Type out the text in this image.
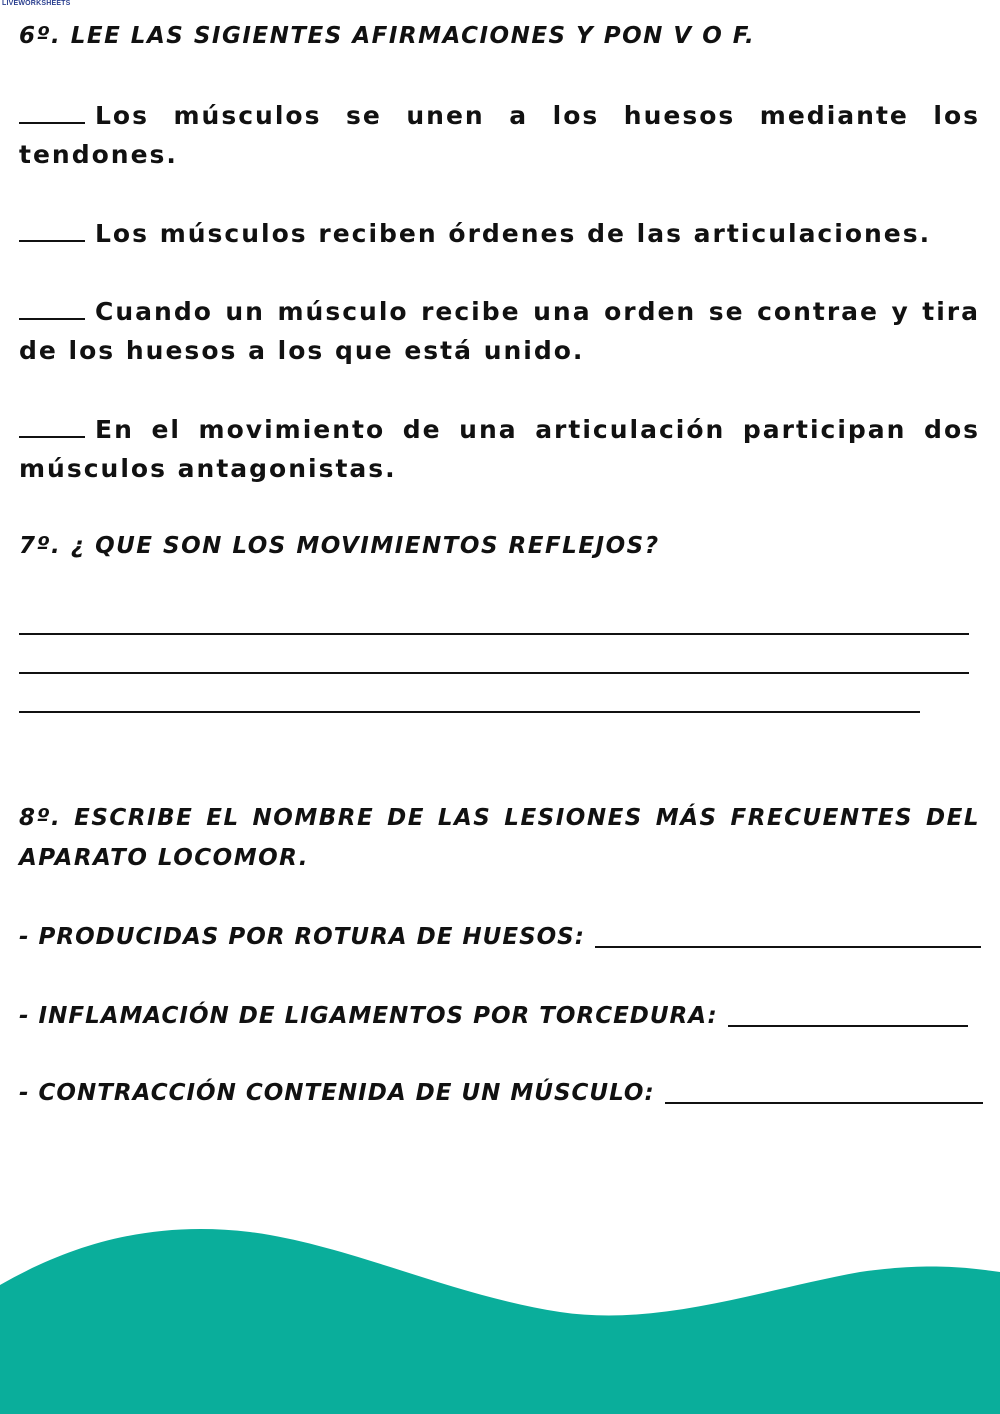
LIVEWORKSHEETS
6º. LEE LAS SIGIENTES AFIRMACIONES Y PON V O F.

Los músculos se unen a los huesos mediante los tendones.

Los músculos reciben órdenes de las articulaciones.

Cuando un músculo recibe una orden se contrae y tira de los huesos a los que está unido.

En el movimiento de una articulación participan dos músculos antagonistas.

7º. ¿ QUE SON LOS MOVIMIENTOS REFLEJOS?
8º. ESCRIBE EL NOMBRE DE LAS LESIONES MÁS FRECUENTES DEL APARATO LOCOMOR.
- PRODUCIDAS POR ROTURA DE HUESOS:
- INFLAMACIÓN DE LIGAMENTOS POR TORCEDURA:
- CONTRACCIÓN CONTENIDA DE UN MÚSCULO:
